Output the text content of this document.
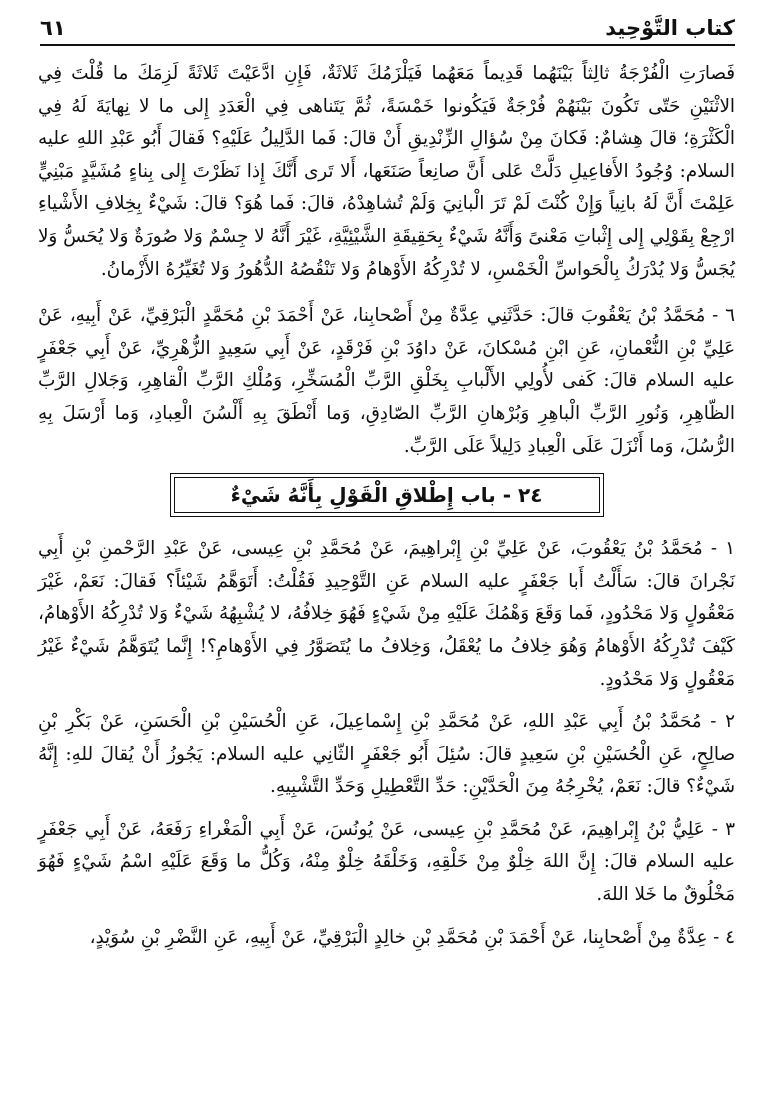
كتاب التَّوْحِيد
٦١

فَصارَتِ الْفُرْجَةُ ثالِثاً بَيْنَهُما قَدِيماً مَعَهُما فَيَلْزَمُكَ ثَلاثَةٌ، فَإِنِ ادَّعَيْتَ ثَلاثَةً لَزِمَكَ ما قُلْتَ فِي الاثْنَيْنِ حَتّى تَكُونَ بَيْنَهُمْ فُرْجَةٌ فَيَكُونوا خَمْسَةً، ثُمَّ يَتَناهى فِي الْعَدَدِ إِلى ما لا نِهايَةَ لَهُ فِي الْكَثْرَةِ؛ قالَ هِشامٌ: فَكانَ مِنْ سُؤالِ الزِّنْدِيقِ أَنْ قالَ: فَما الدَّلِيلُ عَلَيْهِ؟ فَقالَ أَبُو عَبْدِ اللهِ عليه السلام: وُجُودُ الأَفاعِيلِ دَلَّتْ عَلى أَنَّ صانِعاً صَنَعَها، أَلا تَرى أَنَّكَ إِذا نَظَرْتَ إِلى بِناءٍ مُشَيَّدٍ مَبْنِيٍّ عَلِمْتَ أَنَّ لَهُ بانِياً وَإِنْ كُنْتَ لَمْ تَرَ الْبانِيَ وَلَمْ تُشاهِدْهُ، قالَ: فَما هُوَ؟ قالَ: شَيْءٌ بِخِلافِ الأَشْياءِ ارْجِعْ بِقَوْلِي إِلى إِثْباتِ مَعْنىً وَأَنَّهُ شَيْءٌ بِحَقِيقَةِ الشَّيْئِيَّةِ، غَيْرَ أَنَّهُ لا جِسْمٌ وَلا صُورَةٌ وَلا يُحَسُّ وَلا يُجَسُّ وَلا يُدْرَكُ بِالْحَواسِّ الْخَمْسِ، لا تُدْرِكُهُ الأَوْهامُ وَلا تَنْقُصُهُ الدُّهُورُ وَلا تُغَيِّرُهُ الأَزْمانُ.

٦ - مُحَمَّدُ بْنُ يَعْقُوبَ قالَ: حَدَّثَنِي عِدَّةٌ مِنْ أَصْحابِنا، عَنْ أَحْمَدَ بْنِ مُحَمَّدٍ الْبَرْقِيِّ، عَنْ أَبِيهِ، عَنْ عَلِيِّ بْنِ النُّعْمانِ، عَنِ ابْنِ مُسْكانَ، عَنْ داوُدَ بْنِ فَرْقَدٍ، عَنْ أَبِي سَعِيدٍ الزُّهْرِيِّ، عَنْ أَبِي جَعْفَرٍ عليه السلام قالَ: كَفى لأُولِي الأَلْبابِ بِخَلْقِ الرَّبِّ الْمُسَخِّرِ، وَمُلْكِ الرَّبِّ الْقاهِرِ، وَجَلالِ الرَّبِّ الظّاهِرِ، وَنُورِ الرَّبِّ الْباهِرِ وَبُرْهانِ الرَّبِّ الصّادِقِ، وَما أَنْطَقَ بِهِ أَلْسُنَ الْعِبادِ، وَما أَرْسَلَ بِهِ الرُّسُلَ، وَما أَنْزَلَ عَلَى الْعِبادِ دَلِيلاً عَلَى الرَّبِّ.

٢٤ - باب إِطْلاقِ الْقَوْلِ بِأَنَّهُ شَيْءٌ

١ - مُحَمَّدُ بْنُ يَعْقُوبَ، عَنْ عَلِيِّ بْنِ إِبْراهِيمَ، عَنْ مُحَمَّدِ بْنِ عِيسى، عَنْ عَبْدِ الرَّحْمنِ بْنِ أَبِي نَجْرانَ قالَ: سَأَلْتُ أَبا جَعْفَرٍ عليه السلام عَنِ التَّوْحِيدِ فَقُلْتُ: أَتَوَهَّمُ شَيْئاً؟ فَقالَ: نَعَمْ، غَيْرَ مَعْقُولٍ وَلا مَحْدُودٍ، فَما وَقَعَ وَهْمُكَ عَلَيْهِ مِنْ شَيْءٍ فَهُوَ خِلافُهُ، لا يُشْبِهُهُ شَيْءٌ وَلا تُدْرِكُهُ الأَوْهامُ، كَيْفَ تُدْرِكُهُ الأَوْهامُ وَهُوَ خِلافُ ما يُعْقَلُ، وَخِلافُ ما يُتَصَوَّرُ فِي الأَوْهامِ؟! إِنَّما يُتَوَهَّمُ شَيْءٌ غَيْرُ مَعْقُولٍ وَلا مَحْدُودٍ.

٢ - مُحَمَّدُ بْنُ أَبِي عَبْدِ اللهِ، عَنْ مُحَمَّدِ بْنِ إِسْماعِيلَ، عَنِ الْحُسَيْنِ بْنِ الْحَسَنِ، عَنْ بَكْرِ بْنِ صالِحٍ، عَنِ الْحُسَيْنِ بْنِ سَعِيدٍ قالَ: سُئِلَ أَبُو جَعْفَرٍ الثّانِي عليه السلام: يَجُوزُ أَنْ يُقالَ للهِ: إِنَّهُ شَيْءٌ؟ قالَ: نَعَمْ، يُخْرِجُهُ مِنَ الْحَدَّيْنِ: حَدِّ التَّعْطِيلِ وَحَدِّ التَّشْبِيهِ.

٣ - عَلِيُّ بْنُ إِبْراهِيمَ، عَنْ مُحَمَّدِ بْنِ عِيسى، عَنْ يُونُسَ، عَنْ أَبِي الْمَغْراءِ رَفَعَهُ، عَنْ أَبِي جَعْفَرٍ عليه السلام قالَ: إِنَّ اللهَ خِلْوٌ مِنْ خَلْقِهِ، وَخَلْقَهُ خِلْوٌ مِنْهُ، وَكُلُّ ما وَقَعَ عَلَيْهِ اسْمُ شَيْءٍ فَهُوَ مَخْلُوقٌ ما خَلا اللهَ.

٤ - عِدَّةٌ مِنْ أَصْحابِنا، عَنْ أَحْمَدَ بْنِ مُحَمَّدِ بْنِ خالِدٍ الْبَرْقِيِّ، عَنْ أَبِيهِ، عَنِ النَّضْرِ بْنِ سُوَيْدٍ،
